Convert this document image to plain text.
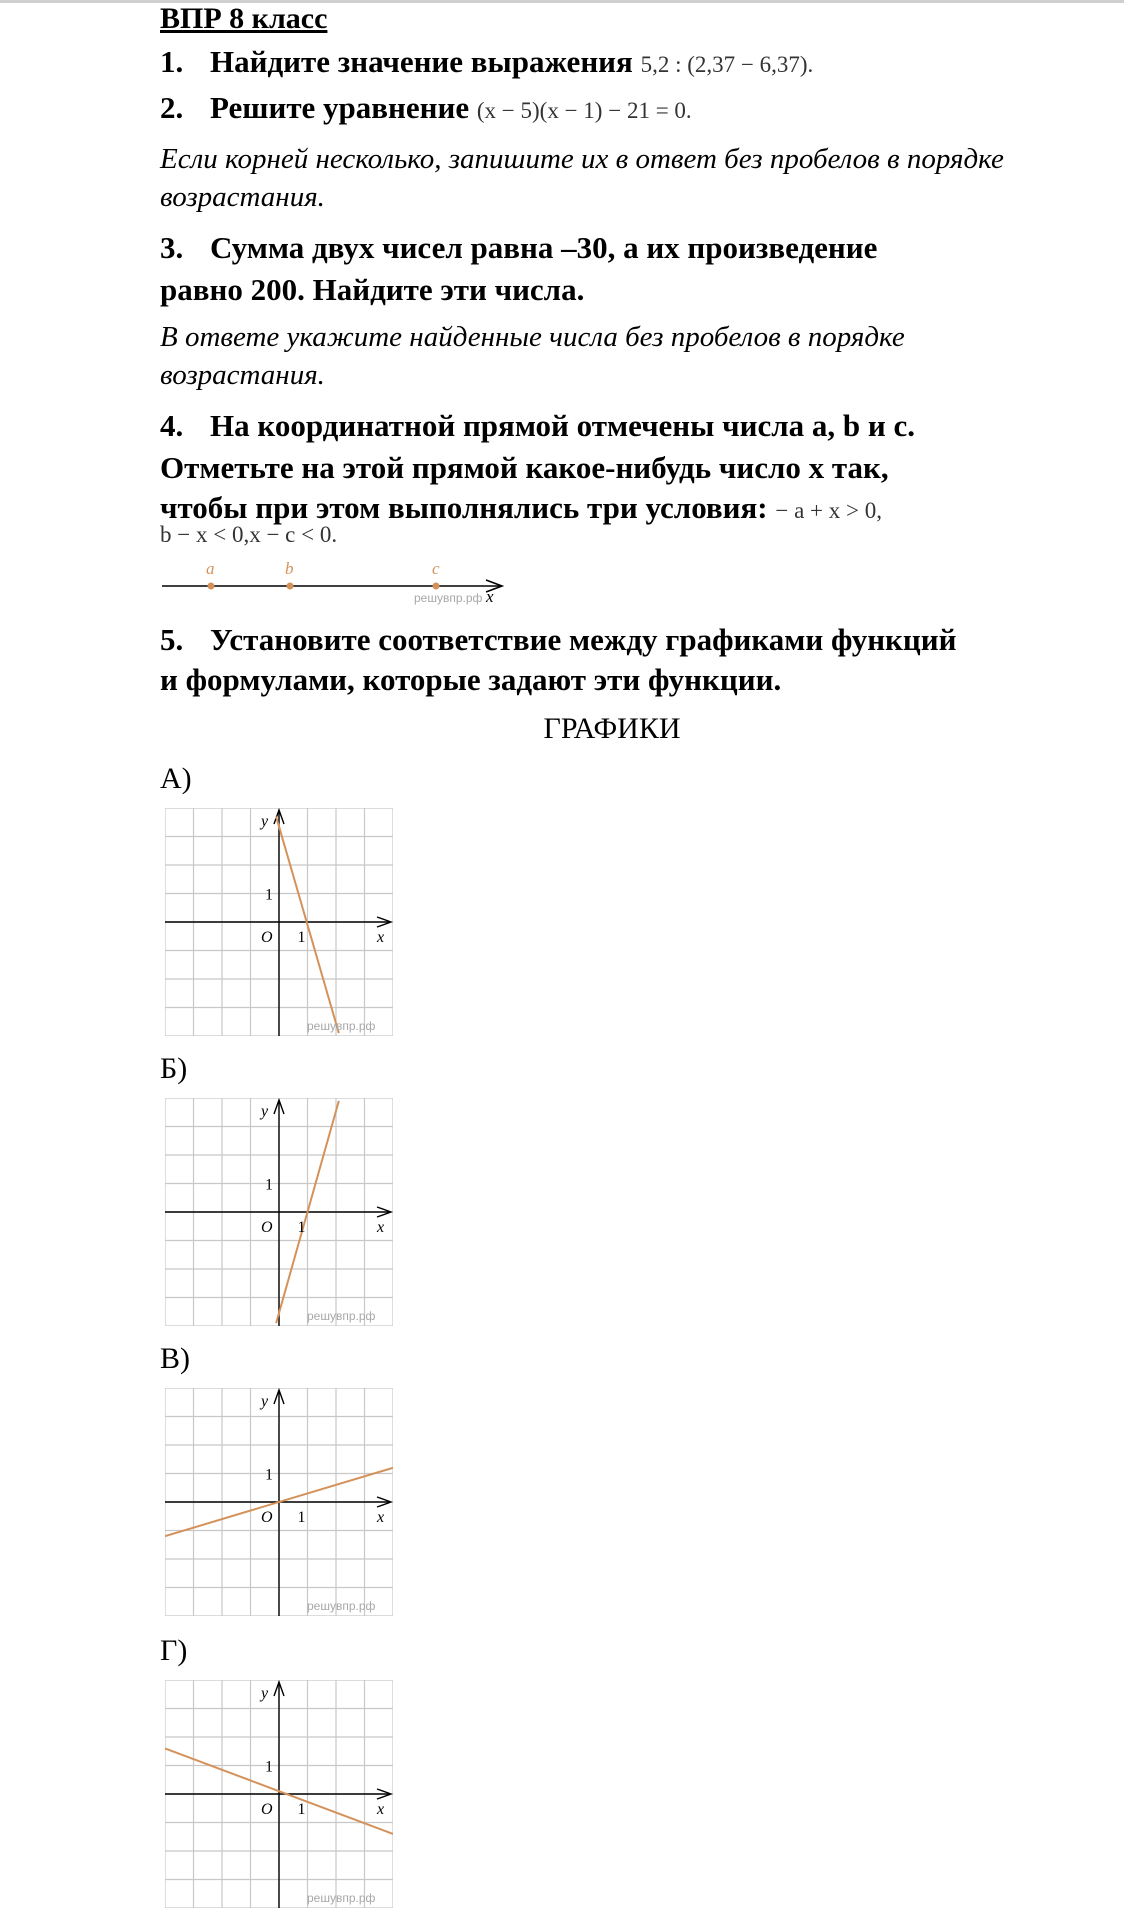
ВПР 8 класс
1. Найдите значение выражения 5,2 : (2,37 − 6,37).
2. Решите уравнение (x − 5)(x − 1) − 21 = 0.
Если корней несколько, запишите их в ответ без пробелов в порядке возрастания.
3. Сумма двух чисел равна –30, а их произведение
равно 200. Найдите эти числа.
В ответе укажите найденные числа без пробелов в порядке возрастания.
4. На координатной прямой отмечены числа a, b и c.
Отметьте на этой прямой какое-нибудь число x так,
чтобы при этом выполнялись три условия: − a + x > 0,
b − x < 0,x − c < 0.
a	b	c
решувпр.рф x
5. Установите соответствие между графиками функций
и формулами, которые задают эти функции.
ГРАФИКИ
А)
Б)
В)
Г)
y
x
O 1
1
решувпр.рф
y
x
O 1
1
решувпр.рф
y
x
O 1
1
решувпр.рф
y
x
O 1
1
решувпр.рф
